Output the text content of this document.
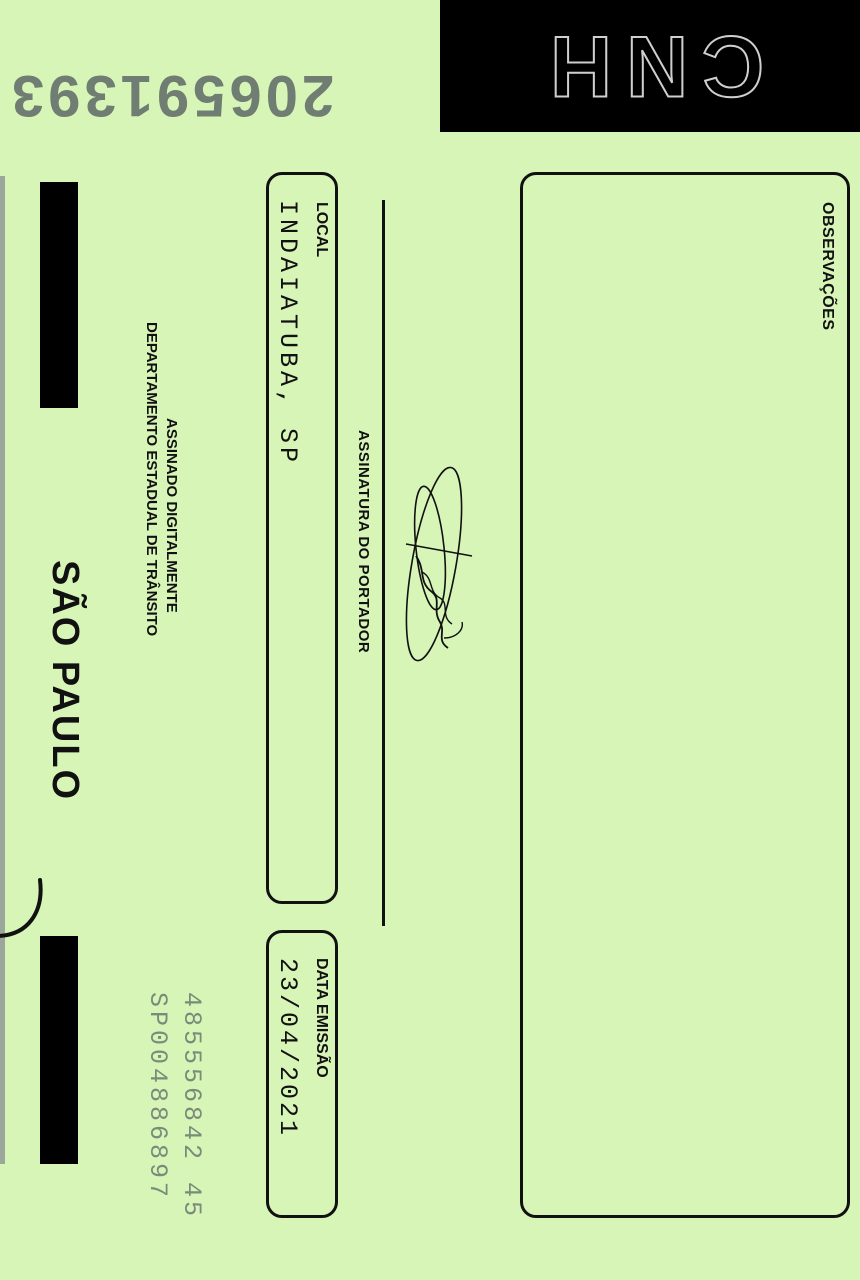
CNH
206591393
SÃO PAULO
ASSINADO DIGITALMENTE
DEPARTAMENTO ESTADUAL DE TRÂNSITO
LOCAL
INDAIATUBA, SP
DATA EMISSÃO
23/04/2021
ASSINATURA DO PORTADOR
OBSERVAÇÕES
485556842 45
SP004886897
